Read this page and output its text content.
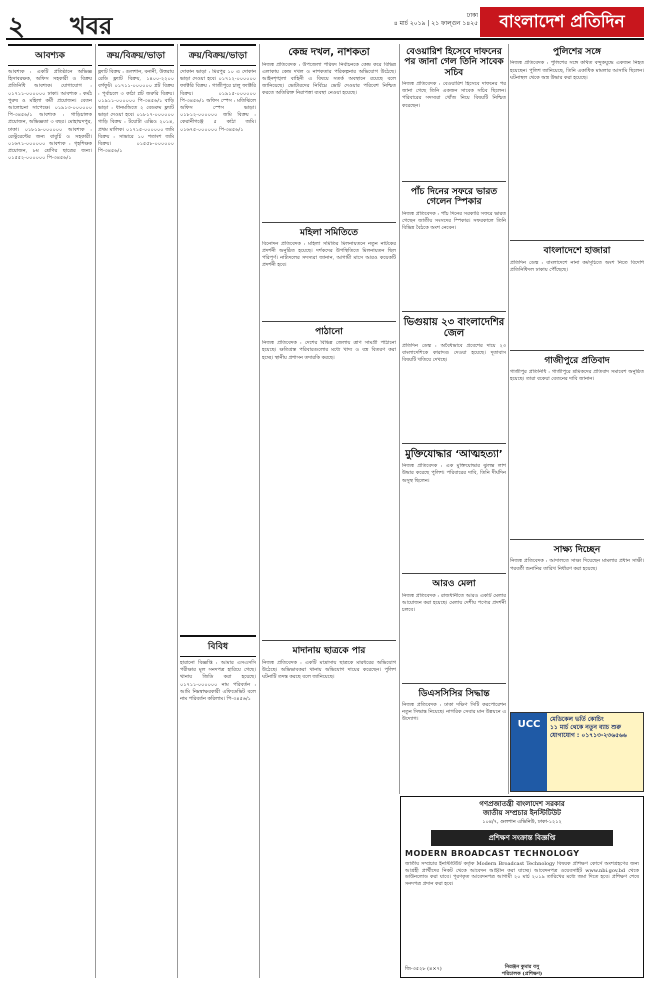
২ খবর	ঢাকা
৪ মার্চ ২০১৯ | ২১ ফাল্গুন ১৪২৫	বাংলাদেশ প্রতিদিন
আবশ্যক
আবশ্যক : একটি প্রতিষ্ঠানে অভিজ্ঞ হিসাবরক্ষক, অফিস সহকারী ও বিক্রয় প্রতিনিধি আবশ্যক। যোগাযোগ : ০১৭১১-০০০০০০ ঢাকা। আবশ্যক : কর্মঠ পুরুষ ও মহিলা কর্মী প্রয়োজন। বেতন আলোচনা সাপেক্ষে। ০১৯১৩-০০০০০০ পি-৩৪৫৬/১ আবশ্যক : গাড়িচালক প্রয়োজন, অভিজ্ঞতা ৩ বছর। মোহাম্মদপুর, ঢাকা। ০১৮১৯-০০০০০০ আবশ্যক : রেস্টুরেন্টের জন্য বাবুর্চি ও সহকারী। ০১৬৭১-০০০০০০ আবশ্যক : গৃহশিক্ষক প্রয়োজন, ৮ম শ্রেণির ছাত্রের জন্য। ০১৫৫২-০০০০০০ পি-৩৪৫৬/১
ক্রয়/বিক্রয়/ভাড়া
ফ্ল্যাট বিক্রয় : গুলশান, বনানী, উত্তরায় রেডি ফ্ল্যাট বিক্রয়, ১৪০০-২২০০ বর্গফুট। ০১৭১১-০০০০০০ প্লট বিক্রয় : পূর্বাচলে ৩ কাঠা প্লট জরুরি বিক্রয়। ০১৯১১-০০০০০০ পি-৩৪৫৬/১ বাড়ি ভাড়া : ধানমন্ডিতে ২ বেডরুম ফ্ল্যাট ভাড়া দেওয়া হবে। ০১৮১৭-০০০০০০ গাড়ি বিক্রয় : টয়োটা এক্সিও ২০১৪, প্রথম মালিক। ০১৭১৫-০০০০০০ জমি বিক্রয় : সাভারে ১০ শতাংশ জমি বিক্রয়। ০১৫৫৮-০০০০০০ পি-৩৪৫৬/১
ক্রয়/বিক্রয়/ভাড়া
দোকান ভাড়া : মিরপুর ১০ এ দোকান ভাড়া দেওয়া হবে। ০১৭১২-০০০০০০ ফ্যাক্টরি বিক্রয় : গাজীপুরে চালু ফ্যাক্টরি বিক্রয়। ০১৯১৫-০০০০০০ পি-৩৪৫৬/১ অফিস স্পেস : মতিঝিলে অফিস স্পেস ভাড়া। ০১৮১২-০০০০০০ জমি বিক্রয় : কেরানীগঞ্জে ৫ কাঠা জমি। ০১৬৭৫-০০০০০০ পি-৩৪৫৬/১
বিবিধ
হারানো বিজ্ঞপ্তি : আমার এসএসসি পরীক্ষার মূল সনদপত্র হারিয়ে গেছে। থানায় জিডি করা হয়েছে। ০১৭১১-০০০০০০ নাম পরিবর্তন : আমি নিম্নস্বাক্ষরকারী এফিডেভিট বলে নাম পরিবর্তন করিলাম। পি-৩৪৫৬/১
কেন্দ্র দখল, নাশকতা
নিজস্ব প্রতিবেদক : উপজেলা পরিষদ নির্বাচনকে কেন্দ্র করে বিভিন্ন এলাকায় কেন্দ্র দখল ও নাশকতার পরিকল্পনার অভিযোগ উঠেছে। আইনশৃঙ্খলা বাহিনী এ বিষয়ে সতর্ক অবস্থানে রয়েছে বলে জানিয়েছে। ভোটারদের নির্বিঘ্নে ভোট দেওয়ার পরিবেশ নিশ্চিত করতে অতিরিক্ত নিরাপত্তা ব্যবস্থা নেওয়া হয়েছে।
মহিলা সমিতিতে
বিনোদন প্রতিবেদক : মহিলা সমিতির মিলনায়তনে নতুন নাটকের প্রদর্শনী অনুষ্ঠিত হয়েছে। দর্শকদের উপস্থিতিতে মিলনায়তন ছিল পরিপূর্ণ। নাট্যদলের সদস্যরা জানান, আগামী মাসে আরও কয়েকটি প্রদর্শনী হবে।
পাঠানো
নিজস্ব প্রতিবেদক : দেশের বিভিন্ন জেলায় ত্রাণ সামগ্রী পাঠানো হয়েছে। ক্ষতিগ্রস্ত পরিবারগুলোর মধ্যে খাদ্য ও বস্ত্র বিতরণ করা হচ্ছে। স্থানীয় প্রশাসন তদারকি করছে।
মাদানায় ছাত্রকে পার
নিজস্ব প্রতিবেদক : একটি মাদ্রাসায় ছাত্রকে মারধরের অভিযোগ উঠেছে। অভিভাবকরা থানায় অভিযোগ দায়ের করেছেন। পুলিশ ঘটনাটি তদন্ত করছে বলে জানিয়েছে।
বেওয়ারিশ হিসেবে দাফনের পর জানা গেল তিনি সাবেক সচিব
নিজস্ব প্রতিবেদক : বেওয়ারিশ হিসেবে দাফনের পর জানা গেছে তিনি একজন সাবেক সচিব ছিলেন। পরিবারের সদস্যরা খোঁজ নিয়ে বিষয়টি নিশ্চিত করেছেন।
পাঁচ দিনের সফরে ভারত গেলেন স্পিকার
নিজস্ব প্রতিবেদক : পাঁচ দিনের সরকারি সফরে ভারত গেছেন জাতীয় সংসদের স্পিকার। সফরকালে তিনি বিভিন্ন বৈঠকে অংশ নেবেন।
ভিগুয়ায় ২৩ বাংলাদেশির জেল
প্রতিদিন ডেস্ক : অবৈধভাবে প্রবেশের দায়ে ২৩ বাংলাদেশিকে কারাদণ্ড দেওয়া হয়েছে। দূতাবাস বিষয়টি খতিয়ে দেখছে।
মুক্তিযোদ্ধার ‘আত্মহত্যা’
নিজস্ব প্রতিবেদক : এক মুক্তিযোদ্ধার ঝুলন্ত লাশ উদ্ধার করেছে পুলিশ। পরিবারের দাবি, তিনি দীর্ঘদিন অসুস্থ ছিলেন।
আরও মেলা
নিজস্ব প্রতিবেদক : রাজধানীতে আরও একটি মেলার আয়োজন করা হয়েছে। মেলায় দেশীয় পণ্যের প্রদর্শনী চলবে।
ডিএসসিসির সিদ্ধান্ত
নিজস্ব প্রতিবেদক : ঢাকা দক্ষিণ সিটি করপোরেশন নতুন সিদ্ধান্ত নিয়েছে। নাগরিক সেবার মান উন্নয়নে এ উদ্যোগ।
পুলিশের সঙ্গে
নিজস্ব প্রতিবেদক : পুলিশের সঙ্গে কথিত বন্দুকযুদ্ধে একজন নিহত হয়েছেন। পুলিশ জানিয়েছে, তিনি একাধিক মামলার আসামি ছিলেন। ঘটনাস্থল থেকে অস্ত্র উদ্ধার করা হয়েছে।
বাংলাদেশে হাজারা
প্রতিদিন ডেস্ক : বাংলাদেশে নানা কর্মসূচিতে অংশ নিতে বিদেশি প্রতিনিধিদল ঢাকায় পৌঁছেছে।
গাজীপুরে প্রতিবাদ
গাজীপুর প্রতিনিধি : গাজীপুরে শ্রমিকদের প্রতিবাদ সমাবেশ অনুষ্ঠিত হয়েছে। তারা বকেয়া বেতনের দাবি জানান।
সাক্ষ্য দিচ্ছেন
নিজস্ব প্রতিবেদক : আদালতে সাক্ষ্য দিয়েছেন মামলার প্রধান সাক্ষী। পরবর্তী শুনানির তারিখ নির্ধারণ করা হয়েছে।
UCC	মেডিকেল ভর্তি কোচিং
১১ মার্চ থেকে নতুন ব্যাচ শুরু
যোগাযোগ : ০১৭১৩-২৩৬৫৬৬
গণপ্রজাতন্ত্রী বাংলাদেশ সরকার
জাতীয় সম্প্রচার ইনস্টিটিউট
১০৪/৭, গুলশান এভিনিউ, ঢাকা-১২১২
প্রশিক্ষণ সংক্রান্ত বিজ্ঞপ্তি
MODERN BROADCAST TECHNOLOGY
জাতীয় সম্প্রচার ইনস্টিটিউট কর্তৃক Modern Broadcast Technology বিষয়ক প্রশিক্ষণ কোর্সে অংশগ্রহণের জন্য আগ্রহী প্রার্থীদের নিকট থেকে আবেদন আহ্বান করা যাচ্ছে। আবেদনপত্র ওয়েবসাইট www.nbi.gov.bd থেকে ডাউনলোড করা যাবে। পূরণকৃত আবেদনপত্র আগামী ২০ মার্চ ২০১৯ তারিখের মধ্যে জমা দিতে হবে। প্রশিক্ষণ শেষে সনদপত্র প্রদান করা হবে।
নিরঞ্জন কুমার বসু
পরিচালক (প্রশিক্ষণ)
জি-৩৫২৮ (৪×৭)
